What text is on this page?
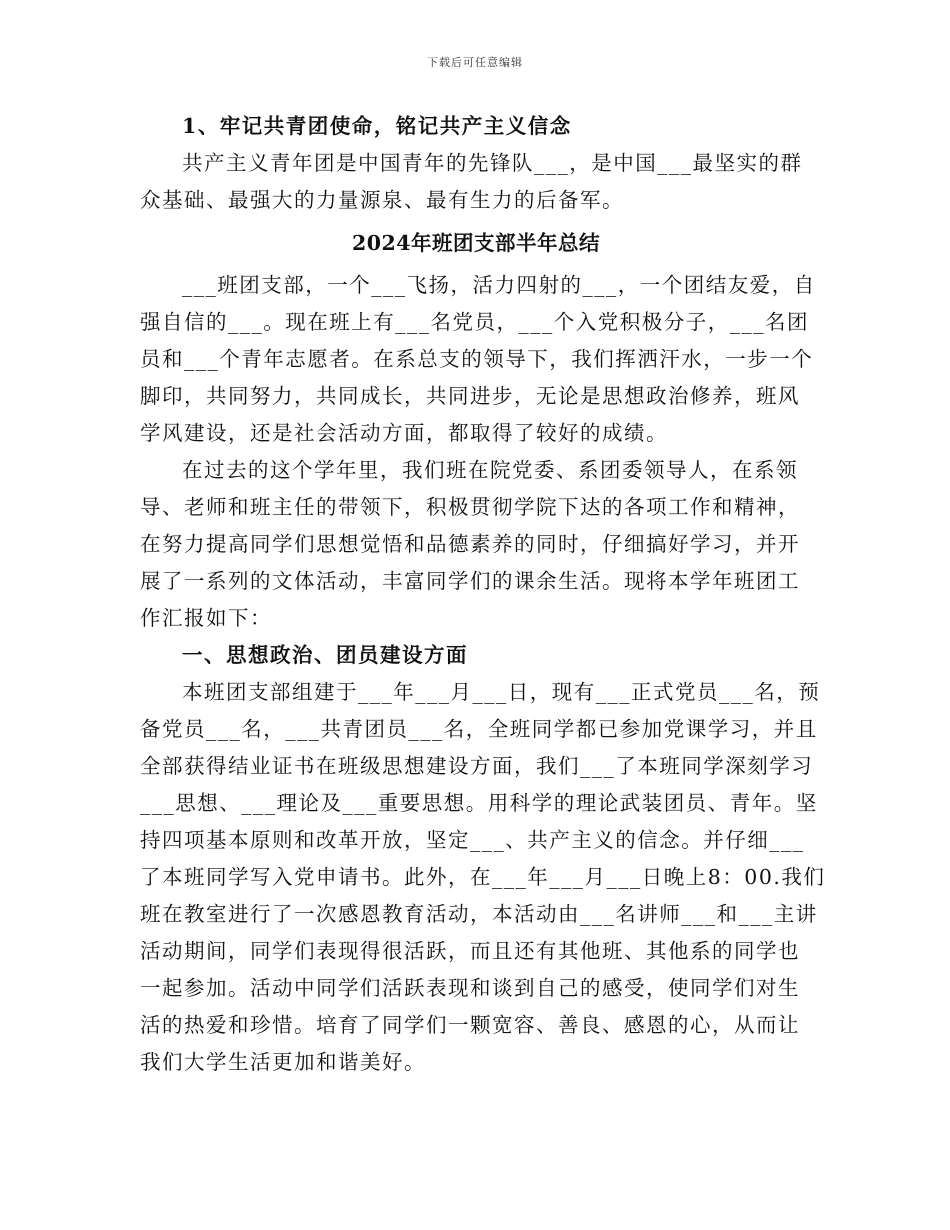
下载后可任意编辑
1、牢记共青团使命，铭记共产主义信念
共产主义青年团是中国青年的先锋队___，是中国___最坚实的群
众基础、最强大的力量源泉、最有生力的后备军。
2024年班团支部半年总结
___班团支部，一个___飞扬，活力四射的___，一个团结友爱，自
强自信的___。现在班上有___名党员，___个入党积极分子，___名团
员和___个青年志愿者。在系总支的领导下，我们挥洒汗水，一步一个
脚印，共同努力，共同成长，共同进步，无论是思想政治修养，班风
学风建设，还是社会活动方面，都取得了较好的成绩。
在过去的这个学年里，我们班在院党委、系团委领导人，在系领
导、老师和班主任的带领下，积极贯彻学院下达的各项工作和精神，
在努力提高同学们思想觉悟和品德素养的同时，仔细搞好学习，并开
展了一系列的文体活动，丰富同学们的课余生活。现将本学年班团工
作汇报如下：
一、思想政治、团员建设方面
本班团支部组建于___年___月___日，现有___正式党员___名，预
备党员___名，___共青团员___名，全班同学都已参加党课学习，并且
全部获得结业证书在班级思想建设方面，我们___了本班同学深刻学习
___思想、___理论及___重要思想。用科学的理论武装团员、青年。坚
持四项基本原则和改革开放，坚定___、共产主义的信念。并仔细___
了本班同学写入党申请书。此外，在___年___月___日晚上8：00.我们
班在教室进行了一次感恩教育活动，本活动由___名讲师___和___主讲
活动期间，同学们表现得很活跃，而且还有其他班、其他系的同学也
一起参加。活动中同学们活跃表现和谈到自己的感受，使同学们对生
活的热爱和珍惜。培育了同学们一颗宽容、善良、感恩的心，从而让
我们大学生活更加和谐美好。
